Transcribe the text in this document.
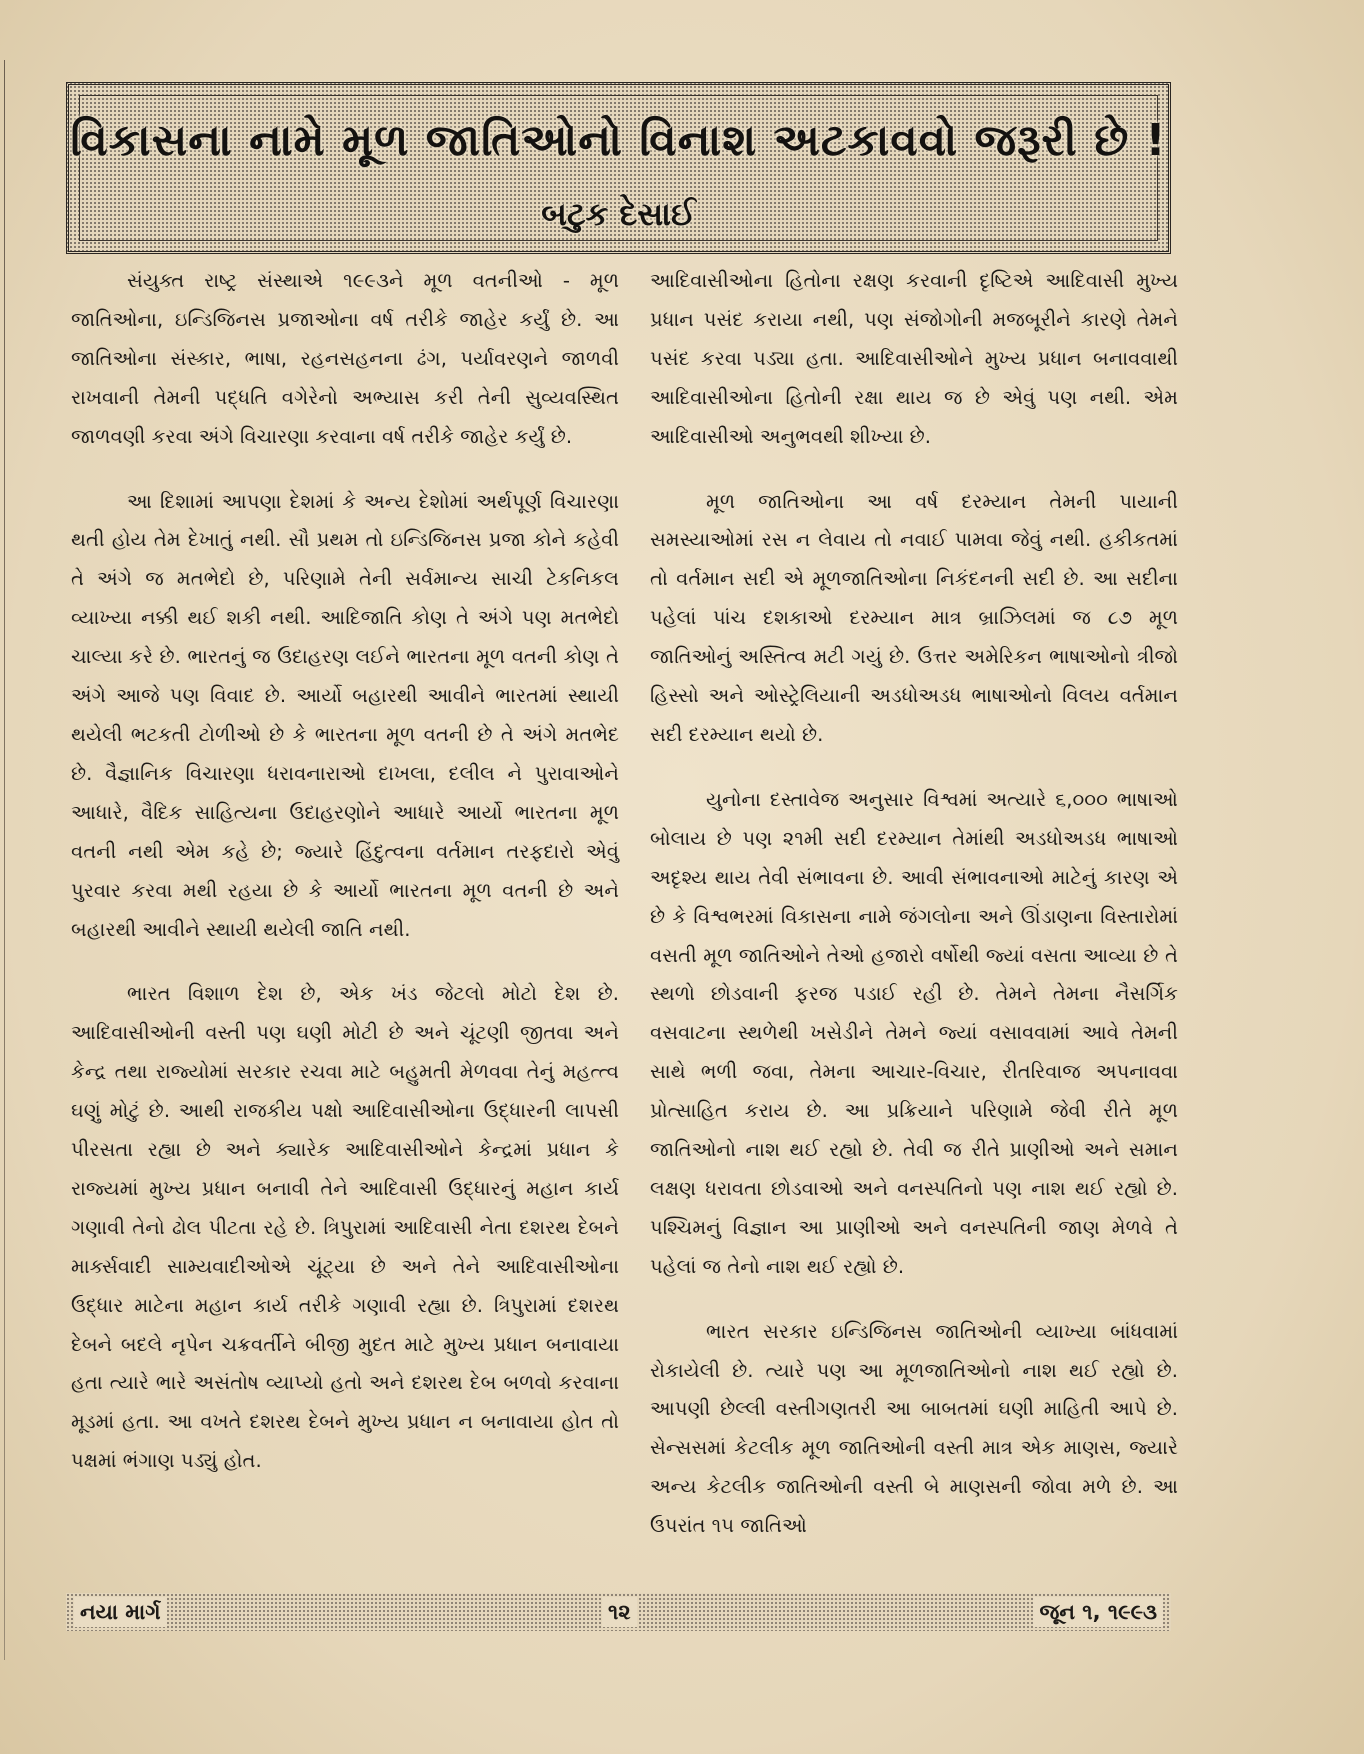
વિકાસના નામે મૂળ જાતિઓનો વિનાશ અટકાવવો જરૂરી છે !
બટુક દેસાઈ

સંયુક્ત રાષ્ટ્ર સંસ્થાએ ૧૯૯૩ને મૂળ વતનીઓ - મૂળ જાતિઓના, ઇન્ડિજિનસ પ્રજાઓના વર્ષ તરીકે જાહેર કર્યું છે. આ જાતિઓના સંસ્કાર, ભાષા, રહનસહનના ઢંગ, પર્યાવરણને જાળવી રાખવાની તેમની પદ્ધતિ વગેરેનો અભ્યાસ કરી તેની સુવ્યવસ્થિત જાળવણી કરવા અંગે વિચારણા કરવાના વર્ષ તરીકે જાહેર કર્યું છે.

આ દિશામાં આપણા દેશમાં કે અન્ય દેશોમાં અર્થપૂર્ણ વિચારણા થતી હોય તેમ દેખાતું નથી. સૌ પ્રથમ તો ઇન્ડિજિનસ પ્રજા કોને કહેવી તે અંગે જ મતભેદો છે, પરિણામે તેની સર્વમાન્ય સાચી ટેકનિકલ વ્યાખ્યા નક્કી થઈ શકી નથી. આદિજાતિ કોણ તે અંગે પણ મતભેદો ચાલ્યા કરે છે. ભારતનું જ ઉદાહરણ લઈને ભારતના મૂળ વતની કોણ તે અંગે આજે પણ વિવાદ છે. આર્યો બહારથી આવીને ભારતમાં સ્થાયી થયેલી ભટકતી ટોળીઓ છે કે ભારતના મૂળ વતની છે તે અંગે મતભેદ છે. વૈજ્ઞાનિક વિચારણા ધરાવનારાઓ દાખલા, દલીલ ને પુરાવાઓને આધારે, વૈદિક સાહિત્યના ઉદાહરણોને આધારે આર્યો ભારતના મૂળ વતની નથી એમ કહે છે; જ્યારે હિંદુત્વના વર્તમાન તરફદારો એવું પુરવાર કરવા મથી રહયા છે કે આર્યો ભારતના મૂળ વતની છે અને બહારથી આવીને સ્થાયી થયેલી જાતિ નથી.

ભારત વિશાળ દેશ છે, એક ખંડ જેટલો મોટો દેશ છે. આદિવાસીઓની વસ્તી પણ ઘણી મોટી છે અને ચૂંટણી જીતવા અને કેન્દ્ર તથા રાજ્યોમાં સરકાર રચવા માટે બહુમતી મેળવવા તેનું મહત્ત્વ ઘણું મોટું છે. આથી રાજકીય પક્ષો આદિવાસીઓના ઉદ્ધારની લાપસી પીરસતા રહ્યા છે અને ક્યારેક આદિવાસીઓને કેન્દ્રમાં પ્રધાન કે રાજ્યમાં મુખ્ય પ્રધાન બનાવી તેને આદિવાસી ઉદ્ધારનું મહાન કાર્ય ગણાવી તેનો ઢોલ પીટતા રહે છે. ત્રિપુરામાં આદિવાસી નેતા દશરથ દેબને માર્ક્સવાદી સામ્યવાદીઓએ ચૂંટ્યા છે અને તેને આદિવાસીઓના ઉદ્ધાર માટેના મહાન કાર્ય તરીકે ગણાવી રહ્યા છે. ત્રિપુરામાં દશરથ દેબને બદલે નૃપેન ચક્રવર્તીને બીજી મુદત માટે મુખ્ય પ્રધાન બનાવાયા હતા ત્યારે ભારે અસંતોષ વ્યાપ્યો હતો અને દશરથ દેબ બળવો કરવાના મૂડમાં હતા. આ વખતે દશરથ દેબને મુખ્ય પ્રધાન ન બનાવાયા હોત તો પક્ષમાં ભંગાણ પડ્યું હોત.

આદિવાસીઓના હિતોના રક્ષણ કરવાની દૃષ્ટિએ આદિવાસી મુખ્ય પ્રધાન પસંદ કરાયા નથી, પણ સંજોગોની મજબૂરીને કારણે તેમને પસંદ કરવા પડ્યા હતા. આદિવાસીઓને મુખ્ય પ્રધાન બનાવવાથી આદિવાસીઓના હિતોની રક્ષા થાય જ છે એવું પણ નથી. એમ આદિવાસીઓ અનુભવથી શીખ્યા છે.

મૂળ જાતિઓના આ વર્ષ દરમ્યાન તેમની પાયાની સમસ્યાઓમાં રસ ન લેવાય તો નવાઈ પામવા જેવું નથી. હકીકતમાં તો વર્તમાન સદી એ મૂળજાતિઓના નિકંદનની સદી છે. આ સદીના પહેલાં પાંચ દશકાઓ દરમ્યાન માત્ર બ્રાઝિલમાં જ ૮૭ મૂળ જાતિઓનું અસ્તિત્વ મટી ગયું છે. ઉત્તર અમેરિકન ભાષાઓનો ત્રીજો હિસ્સો અને ઓસ્ટ્રેલિયાની અડધોઅડધ ભાષાઓનો વિલય વર્તમાન સદી દરમ્યાન થયો છે.

યુનોના દસ્તાવેજ અનુસાર વિશ્વમાં અત્યારે ૬,૦૦૦ ભાષાઓ બોલાય છે પણ ૨૧મી સદી દરમ્યાન તેમાંથી અડધોઅડધ ભાષાઓ અદૃશ્ય થાય તેવી સંભાવના છે. આવી સંભાવનાઓ માટેનું કારણ એ છે કે વિશ્વભરમાં વિકાસના નામે જંગલોના અને ઊંડાણના વિસ્તારોમાં વસતી મૂળ જાતિઓને તેઓ હજારો વર્ષોથી જ્યાં વસતા આવ્યા છે તે સ્થળો છોડવાની ફરજ પડાઈ રહી છે. તેમને તેમના નૈસર્ગિક વસવાટના સ્થળેથી ખસેડીને તેમને જ્યાં વસાવવામાં આવે તેમની સાથે ભળી જવા, તેમના આચાર-વિચાર, રીતરિવાજ અપનાવવા પ્રોત્સાહિત કરાય છે. આ પ્રક્રિયાને પરિણામે જેવી રીતે મૂળ જાતિઓનો નાશ થઈ રહ્યો છે. તેવી જ રીતે પ્રાણીઓ અને સમાન લક્ષણ ધરાવતા છોડવાઓ અને વનસ્પતિનો પણ નાશ થઈ રહ્યો છે. પશ્ચિમનું વિજ્ઞાન આ પ્રાણીઓ અને વનસ્પતિની જાણ મેળવે તે પહેલાં જ તેનો નાશ થઈ રહ્યો છે.

ભારત સરકાર ઇન્ડિજિનસ જાતિઓની વ્યાખ્યા બાંધવામાં રોકાયેલી છે. ત્યારે પણ આ મૂળજાતિઓનો નાશ થઈ રહ્યો છે. આપણી છેલ્લી વસ્તીગણતરી આ બાબતમાં ઘણી માહિતી આપે છે. સેન્સસમાં કેટલીક મૂળ જાતિઓની વસ્તી માત્ર એક માણસ, જ્યારે અન્ય કેટલીક જાતિઓની વસ્તી બે માણસની જોવા મળે છે. આ ઉપરાંત ૧૫ જાતિઓ

નયા માર્ગ	૧૨	જૂન ૧, ૧૯૯૩
